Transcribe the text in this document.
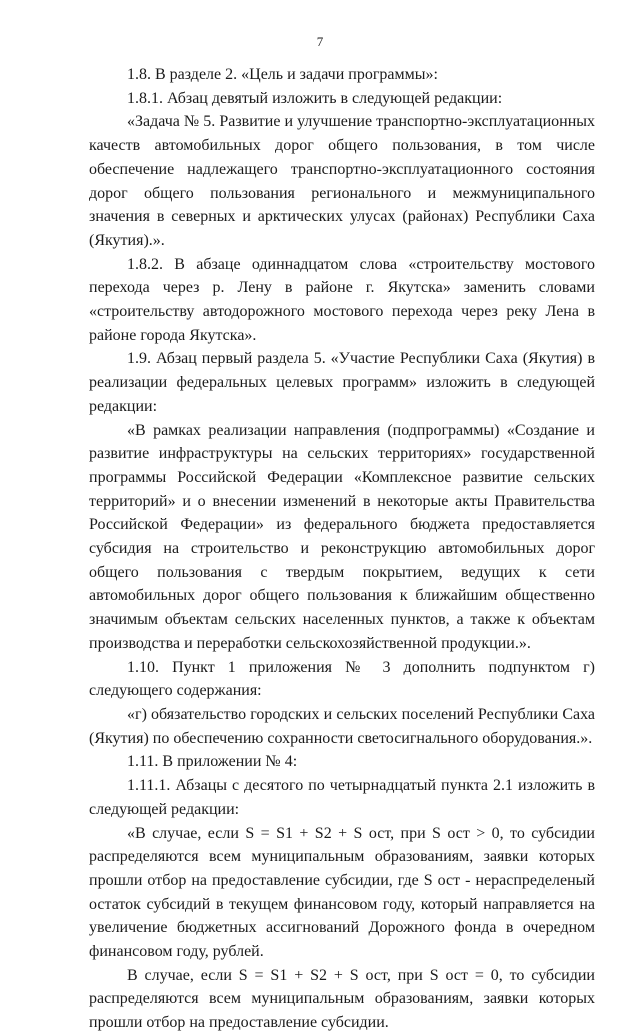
7

1.8. В разделе 2. «Цель и задачи программы»:

1.8.1. Абзац девятый изложить в следующей редакции:

«Задача № 5. Развитие и улучшение транспортно-эксплуатационных качеств автомобильных дорог общего пользования, в том числе обеспечение надлежащего транспортно-эксплуатационного состояния дорог общего пользования регионального и межмуниципального значения в северных и арктических улусах (районах) Республики Саха (Якутия).».

1.8.2. В абзаце одиннадцатом слова «строительству мостового перехода через р. Лену в районе г. Якутска» заменить словами «строительству автодорожного мостового перехода через реку Лена в районе города Якутска».

1.9. Абзац первый раздела 5. «Участие Республики Саха (Якутия) в реализации федеральных целевых программ» изложить в следующей редакции:

«В рамках реализации направления (подпрограммы) «Создание и развитие инфраструктуры на сельских территориях» государственной программы Российской Федерации «Комплексное развитие сельских территорий» и о внесении изменений в некоторые акты Правительства Российской Федерации» из федерального бюджета предоставляется субсидия на строительство и реконструкцию автомобильных дорог общего пользования с твердым покрытием, ведущих к сети автомобильных дорог общего пользования к ближайшим общественно значимым объектам сельских населенных пунктов, а также к объектам производства и переработки сельскохозяйственной продукции.».

1.10. Пункт 1 приложения № 3 дополнить подпунктом г) следующего содержания:

«г) обязательство городских и сельских поселений Республики Саха (Якутия) по обеспечению сохранности светосигнального оборудования.».

1.11. В приложении № 4:

1.11.1. Абзацы с десятого по четырнадцатый пункта 2.1 изложить в следующей редакции:

«В случае, если S = S1 + S2 + S ост, при S ост > 0, то субсидии распределяются всем муниципальным образованиям, заявки которых прошли отбор на предоставление субсидии, где S ост - нераспределеный остаток субсидий в текущем финансовом году, который направляется на увеличение бюджетных ассигнований Дорожного фонда в очередном финансовом году, рублей.

В случае, если S = S1 + S2 + S ост, при S ост = 0, то субсидии распределяются всем муниципальным образованиям, заявки которых прошли отбор на предоставление субсидии.
